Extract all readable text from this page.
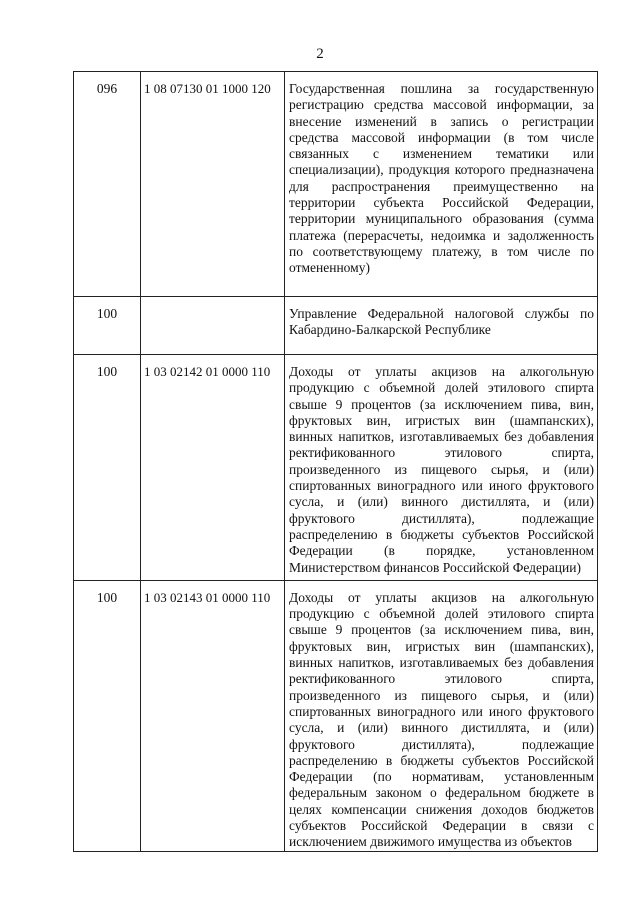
2
096	1 08 07130 01 1000 120	Государственная пошлина за государственную регистрацию средства массовой информации, за внесение изменений в запись о регистрации средства массовой информации (в том числе связанных с изменением тематики или специализации), продукция которого предназначена для распространения преимущественно на территории субъекта Российской Федерации, территории муниципального образования (сумма платежа (перерасчеты, недоимка и задолженность по соответствующему платежу, в том числе по отмененному)
100		Управление Федеральной налоговой службы по Кабардино-Балкарской Республике
100	1 03 02142 01 0000 110	Доходы от уплаты акцизов на алкогольную продукцию с объемной долей этилового спирта свыше 9 процентов (за исключением пива, вин, фруктовых вин, игристых вин (шампанских), винных напитков, изготавливаемых без добавления ректификованного этилового спирта, произведенного из пищевого сырья, и (или) спиртованных виноградного или иного фруктового сусла, и (или) винного дистиллята, и (или) фруктового дистиллята), подлежащие распределению в бюджеты субъектов Российской Федерации (в порядке, установленном Министерством финансов Российской Федерации)
100	1 03 02143 01 0000 110	Доходы от уплаты акцизов на алкогольную продукцию с объемной долей этилового спирта свыше 9 процентов (за исключением пива, вин, фруктовых вин, игристых вин (шампанских), винных напитков, изготавливаемых без добавления ректификованного этилового спирта, произведенного из пищевого сырья, и (или) спиртованных виноградного или иного фруктового сусла, и (или) винного дистиллята, и (или) фруктового дистиллята), подлежащие распределению в бюджеты субъектов Российской Федерации (по нормативам, установленным федеральным законом о федеральном бюджете в целях компенсации снижения доходов бюджетов субъектов Российской Федерации в связи с исключением движимого имущества из объектов
